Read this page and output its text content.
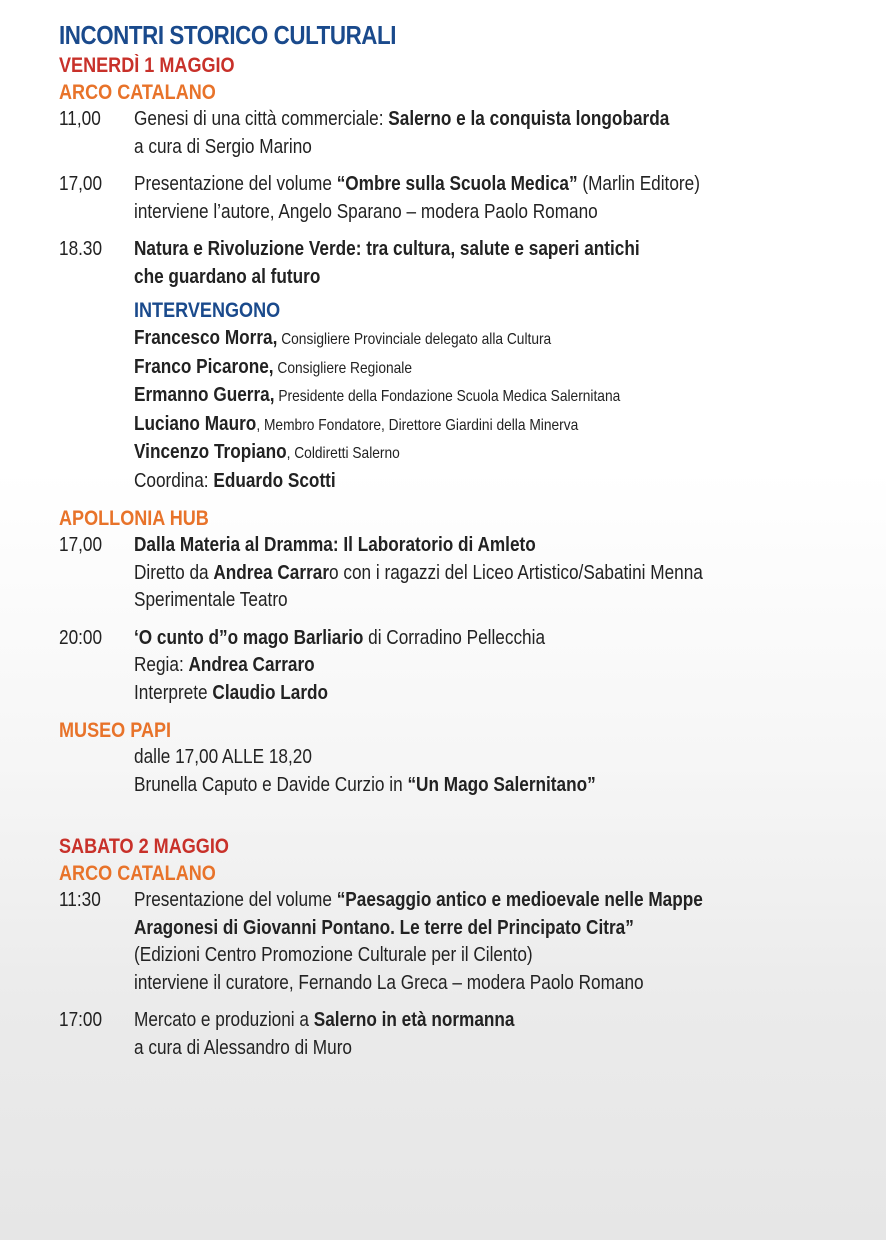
INCONTRI STORICO CULTURALI
VENERDÌ 1 MAGGIO
ARCO CATALANO
11,00	Genesi di una città commerciale: Salerno e la conquista longobarda
a cura di Sergio Marino
17,00	Presentazione del volume “Ombre sulla Scuola Medica” (Marlin Editore)
interviene l’autore, Angelo Sparano – modera Paolo Romano
18.30	Natura e Rivoluzione Verde: tra cultura, salute e saperi antichi
che guardano al futuro
INTERVENGONO
Francesco Morra, Consigliere Provinciale delegato alla Cultura
Franco Picarone, Consigliere Regionale
Ermanno Guerra, Presidente della Fondazione Scuola Medica Salernitana
Luciano Mauro, Membro Fondatore, Direttore Giardini della Minerva
Vincenzo Tropiano, Coldiretti Salerno
Coordina: Eduardo Scotti
APOLLONIA HUB
17,00	Dalla Materia al Dramma: Il Laboratorio di Amleto
Diretto da Andrea Carraro con i ragazzi del Liceo Artistico/Sabatini Menna
Sperimentale Teatro
20:00	‘O cunto d”o mago Barliario di Corradino Pellecchia
Regia: Andrea Carraro
Interprete Claudio Lardo
MUSEO PAPI
dalle 17,00 ALLE 18,20
Brunella Caputo e Davide Curzio in “Un Mago Salernitano”
SABATO 2 MAGGIO
ARCO CATALANO
11:30	Presentazione del volume “Paesaggio antico e medioevale nelle Mappe
Aragonesi di Giovanni Pontano. Le terre del Principato Citra”
(Edizioni Centro Promozione Culturale per il Cilento)
interviene il curatore, Fernando La Greca – modera Paolo Romano
17:00	Mercato e produzioni a Salerno in età normanna
a cura di Alessandro di Muro
